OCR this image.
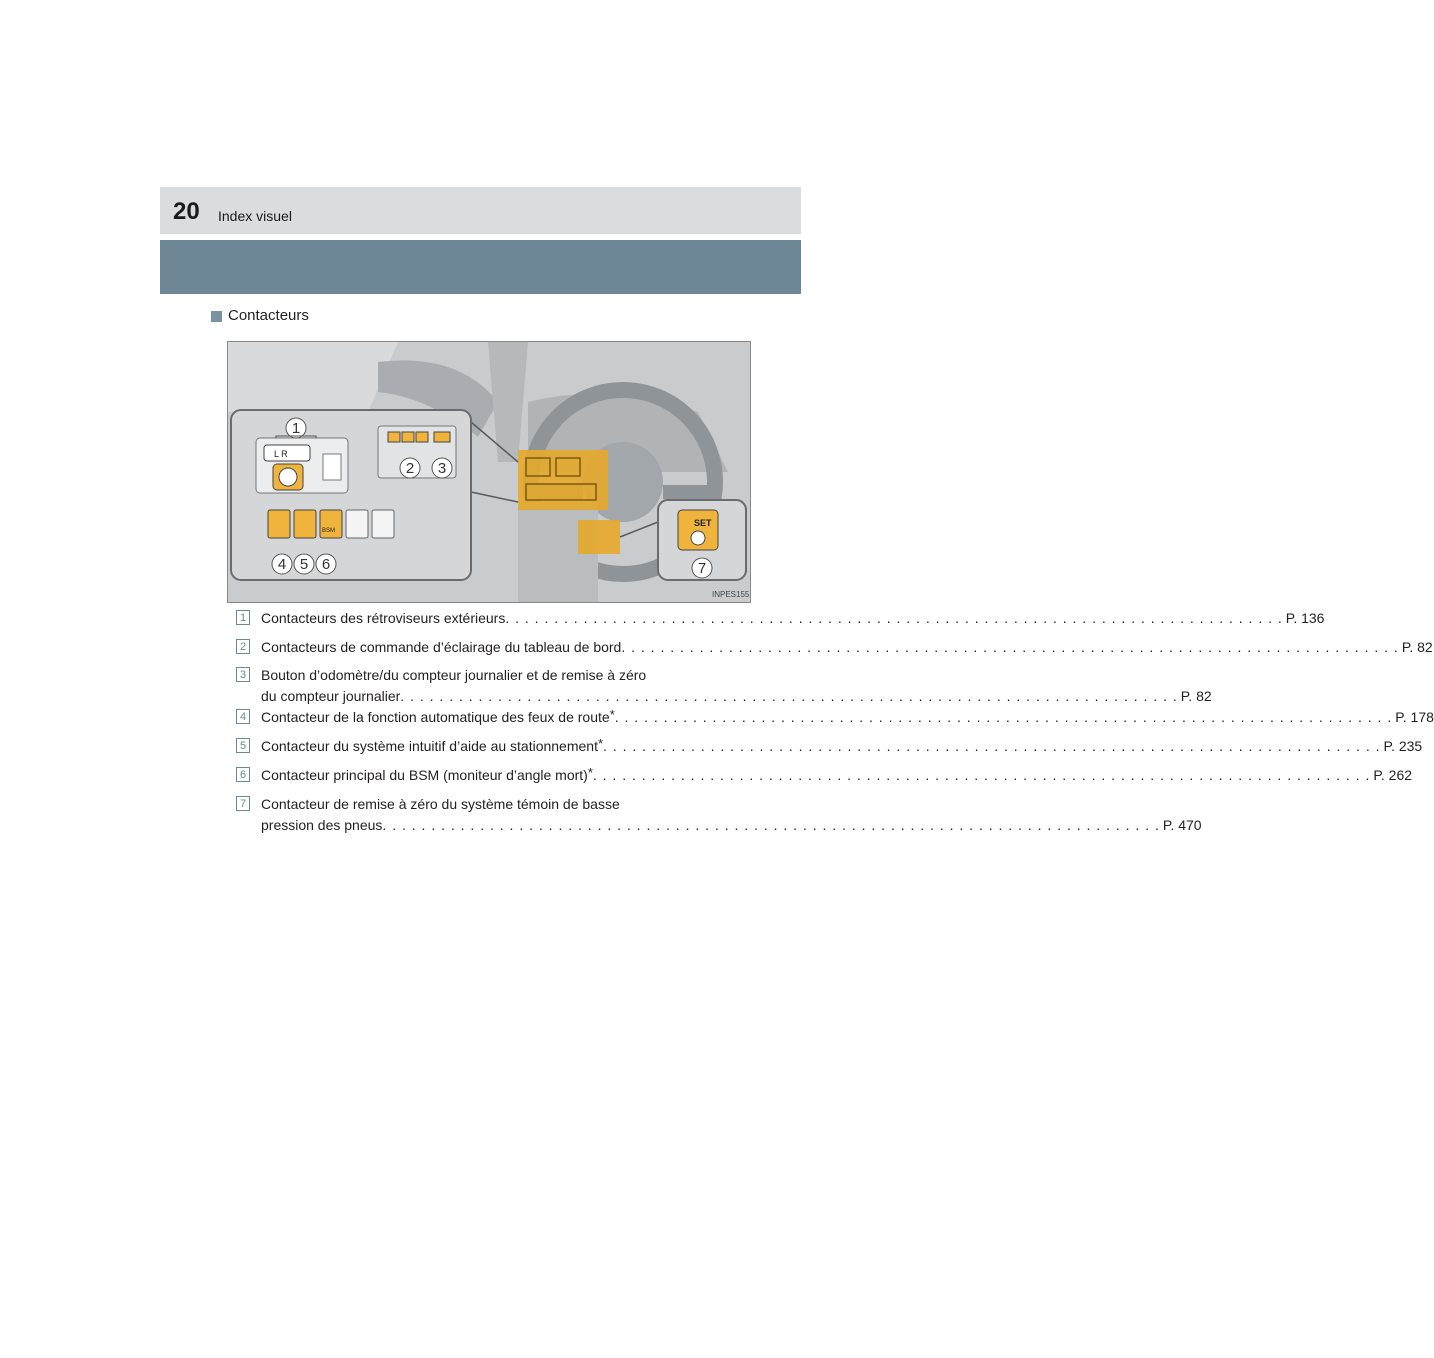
20 Index visuel
Contacteurs
L R
BSM
SET
1
2 3
4 5 6	7
INPES155
1 Contacteurs des rétroviseurs extérieurs . . . . . . . . . . . . . . . . . . . . . . . . . . . . . . . . . . . . . . . . . . . . . . . . . . . . . . . . . . . . . . . . . . . . . . . . . . . . . . . . P. 136
2 Contacteurs de commande d’éclairage du tableau de bord . . . . . . . . . . . . . . . . . . . . . . . . . . . . . . . . . . . . . . . . . . . . . . . . . . . . . . . . . . . . . . . . . . . . . . . . . . . . . . . . P. 82
3 Bouton d’odomètre/du compteur journalier et de remise à zéro
du compteur journalier . . . . . . . . . . . . . . . . . . . . . . . . . . . . . . . . . . . . . . . . . . . . . . . . . . . . . . . . . . . . . . . . . . . . . . . . . . . . . . . . P. 82
4 Contacteur de la fonction automatique des feux de route * . . . . . . . . . . . . . . . . . . . . . . . . . . . . . . . . . . . . . . . . . . . . . . . . . . . . . . . . . . . . . . . . . . . . . . . . . . . . . . . . P. 178
5 Contacteur du système intuitif d’aide au stationnement * . . . . . . . . . . . . . . . . . . . . . . . . . . . . . . . . . . . . . . . . . . . . . . . . . . . . . . . . . . . . . . . . . . . . . . . . . . . . . . . . P. 235
6 Contacteur principal du BSM (moniteur d’angle mort) * . . . . . . . . . . . . . . . . . . . . . . . . . . . . . . . . . . . . . . . . . . . . . . . . . . . . . . . . . . . . . . . . . . . . . . . . . . . . . . . . P. 262
7 Contacteur de remise à zéro du système témoin de basse
pression des pneus . . . . . . . . . . . . . . . . . . . . . . . . . . . . . . . . . . . . . . . . . . . . . . . . . . . . . . . . . . . . . . . . . . . . . . . . . . . . . . . . P. 470
